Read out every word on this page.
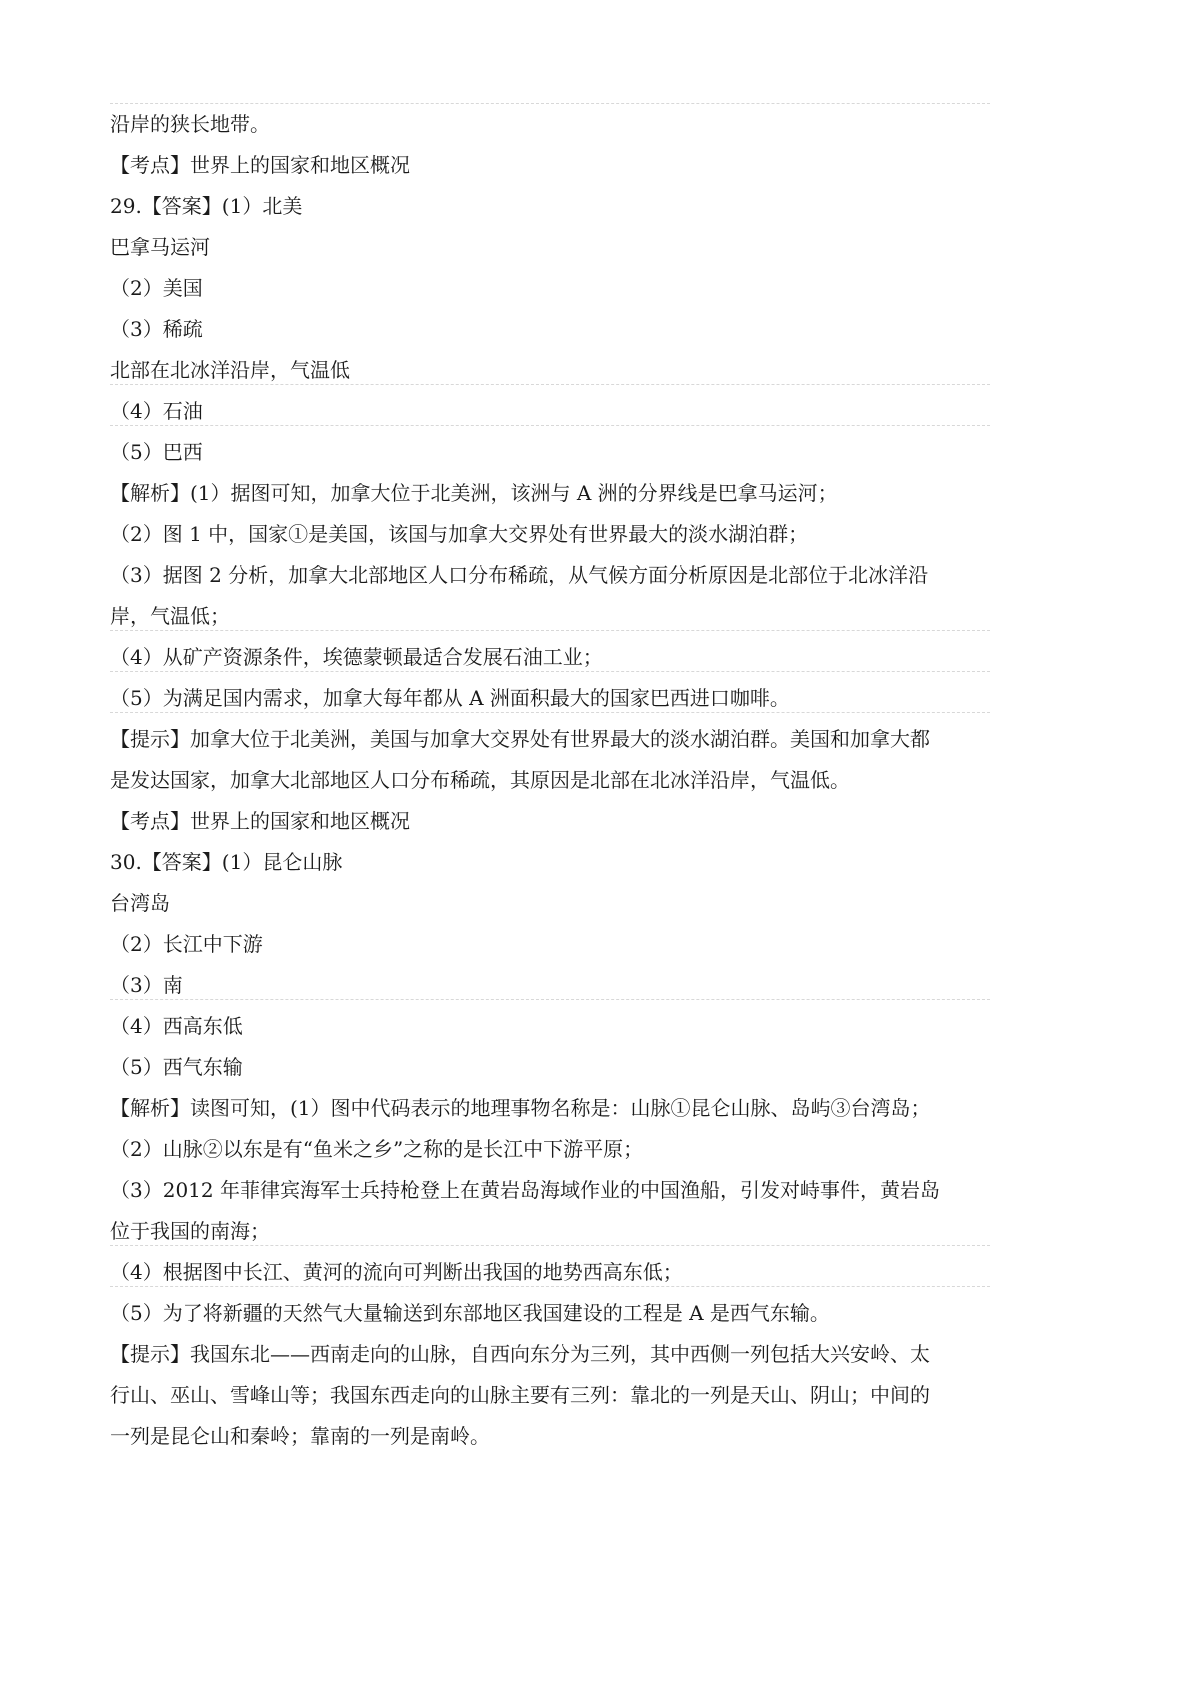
沿岸的狭长地带。
【考点】世界上的国家和地区概况
29.【答案】(1）北美
巴拿马运河
（2）美国
（3）稀疏
北部在北冰洋沿岸，气温低
（4）石油
（5）巴西
【解析】(1）据图可知，加拿大位于北美洲，该洲与 A 洲的分界线是巴拿马运河；
（2）图 1 中，国家①是美国，该国与加拿大交界处有世界最大的淡水湖泊群；
（3）据图 2 分析，加拿大北部地区人口分布稀疏，从气候方面分析原因是北部位于北冰洋沿
岸，气温低；
（4）从矿产资源条件，埃德蒙顿最适合发展石油工业；
（5）为满足国内需求，加拿大每年都从 A 洲面积最大的国家巴西进口咖啡。
【提示】加拿大位于北美洲，美国与加拿大交界处有世界最大的淡水湖泊群。美国和加拿大都
是发达国家，加拿大北部地区人口分布稀疏，其原因是北部在北冰洋沿岸，气温低。
【考点】世界上的国家和地区概况
30.【答案】(1）昆仑山脉
台湾岛
（2）长江中下游
（3）南
（4）西高东低
（5）西气东输
【解析】读图可知，(1）图中代码表示的地理事物名称是：山脉①昆仑山脉、岛屿③台湾岛；
（2）山脉②以东是有“鱼米之乡”之称的是长江中下游平原；
（3）2012 年菲律宾海军士兵持枪登上在黄岩岛海域作业的中国渔船，引发对峙事件，黄岩岛
位于我国的南海；
（4）根据图中长江、黄河的流向可判断出我国的地势西高东低；
（5）为了将新疆的天然气大量输送到东部地区我国建设的工程是 A 是西气东输。
【提示】我国东北——西南走向的山脉，自西向东分为三列，其中西侧一列包括大兴安岭、太
行山、巫山、雪峰山等；我国东西走向的山脉主要有三列：靠北的一列是天山、阴山；中间的
一列是昆仑山和秦岭；靠南的一列是南岭。
